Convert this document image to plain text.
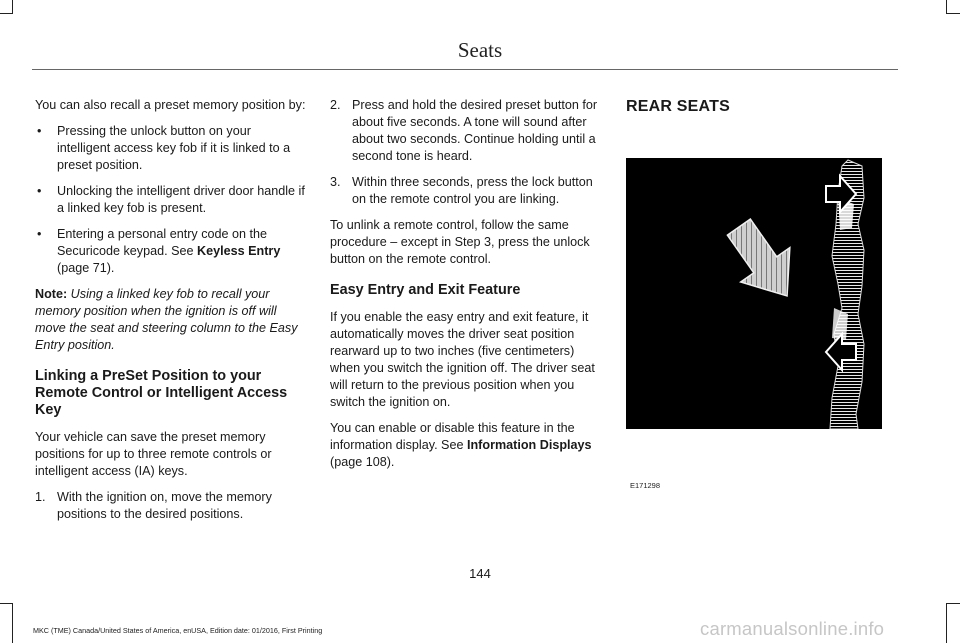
Seats

You can also recall a preset memory position by:

• Pressing the unlock button on your intelligent access key fob if it is linked to a preset position.
• Unlocking the intelligent driver door handle if a linked key fob is present.
• Entering a personal entry code on the Securicode keypad. See Keyless Entry (page 71).

Note: Using a linked key fob to recall your memory position when the ignition is off will move the seat and steering column to the Easy Entry position.

Linking a PreSet Position to your Remote Control or Intelligent Access Key

Your vehicle can save the preset memory positions for up to three remote controls or intelligent access (IA) keys.

1. With the ignition on, move the memory positions to the desired positions.
2. Press and hold the desired preset button for about five seconds. A tone will sound after about two seconds. Continue holding until a second tone is heard.
3. Within three seconds, press the lock button on the remote control you are linking.

To unlink a remote control, follow the same procedure – except in Step 3, press the unlock button on the remote control.

Easy Entry and Exit Feature

If you enable the easy entry and exit feature, it automatically moves the driver seat position rearward up to two inches (five centimeters) when you switch the ignition off. The driver seat will return to the previous position when you switch the ignition on.

You can enable or disable this feature in the information display. See Information Displays (page 108).

REAR SEATS
E171298
144
MKC (TME) Canada/United States of America, enUSA, Edition date: 01/2016, First Printing	carmanualsonline.info
